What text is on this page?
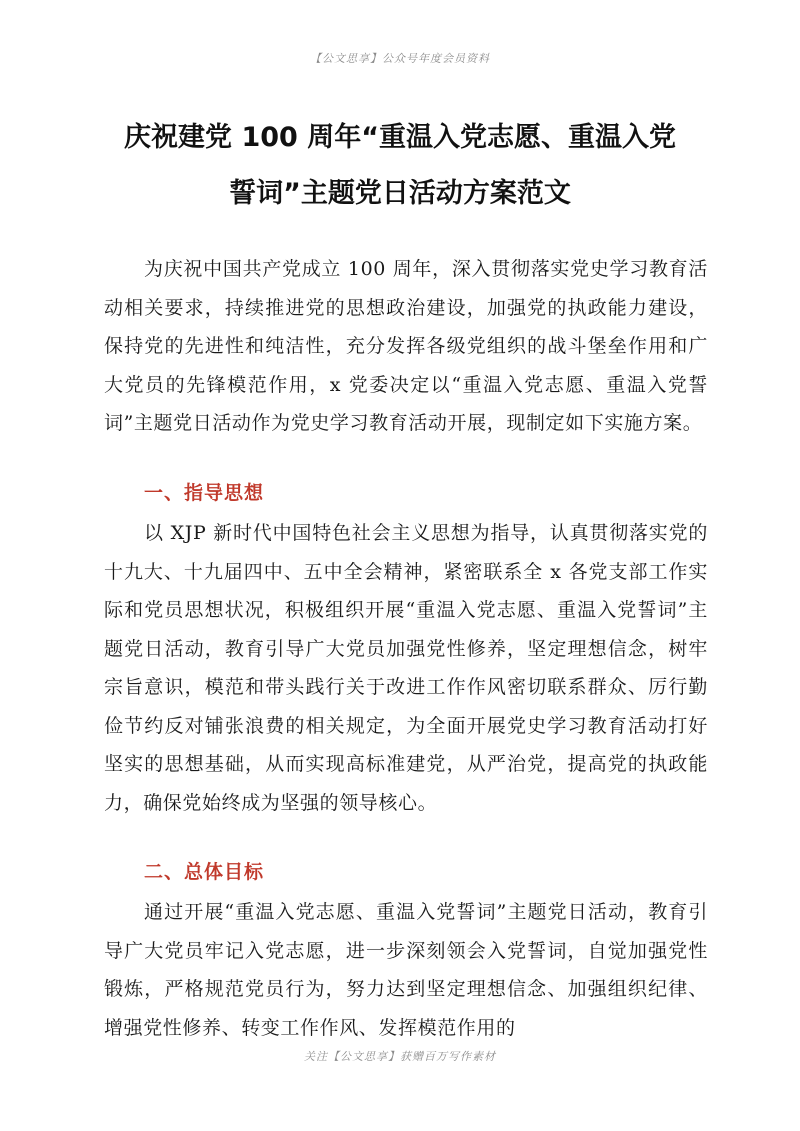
【公文思享】公众号年度会员资料
庆祝建党 100 周年“重温入党志愿、重温入党
誓词”主题党日活动方案范文

为庆祝中国共产党成立 100 周年，深入贯彻落实党史学习教育活动相关要求，持续推进党的思想政治建设，加强党的执政能力建设，保持党的先进性和纯洁性，充分发挥各级党组织的战斗堡垒作用和广大党员的先锋模范作用，x 党委决定以“重温入党志愿、重温入党誓词”主题党日活动作为党史学习教育活动开展，现制定如下实施方案。

一、指导思想

以 XJP 新时代中国特色社会主义思想为指导，认真贯彻落实党的十九大、十九届四中、五中全会精神，紧密联系全 x 各党支部工作实际和党员思想状况，积极组织开展“重温入党志愿、重温入党誓词”主题党日活动，教育引导广大党员加强党性修养，坚定理想信念，树牢宗旨意识，模范和带头践行关于改进工作作风密切联系群众、厉行勤俭节约反对铺张浪费的相关规定，为全面开展党史学习教育活动打好坚实的思想基础，从而实现高标准建党，从严治党，提高党的执政能力，确保党始终成为坚强的领导核心。

二、总体目标

通过开展“重温入党志愿、重温入党誓词”主题党日活动，教育引导广大党员牢记入党志愿，进一步深刻领会入党誓词，自觉加强党性锻炼，严格规范党员行为，努力达到坚定理想信念、加强组织纪律、增强党性修养、转变工作作风、发挥模范作用的

关注【公文思享】获赠百万写作素材
